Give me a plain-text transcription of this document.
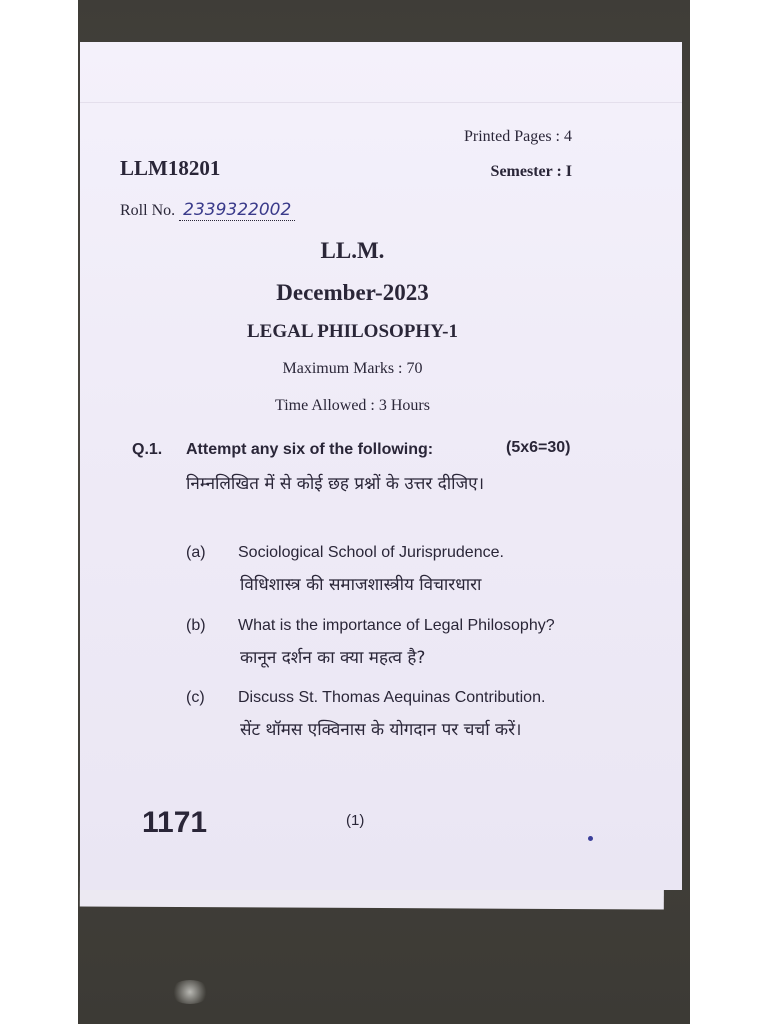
Printed Pages : 4
LLM18201	Semester : I
Roll No. 2339322002
LL.M.
December-2023
LEGAL PHILOSOPHY-1
Maximum Marks : 70
Time Allowed : 3 Hours
Q.1. Attempt any six of the following:	(5x6=30)
निम्नलिखित में से कोई छह प्रश्नों के उत्तर दीजिए।
(a) Sociological School of Jurisprudence.
विधिशास्त्र की समाजशास्त्रीय विचारधारा
(b) What is the importance of Legal Philosophy?
कानून दर्शन का क्या महत्व है?
(c) Discuss St. Thomas Aequinas Contribution.
सेंट थॉमस एक्विनास के योगदान पर चर्चा करें।
1171	(1)
